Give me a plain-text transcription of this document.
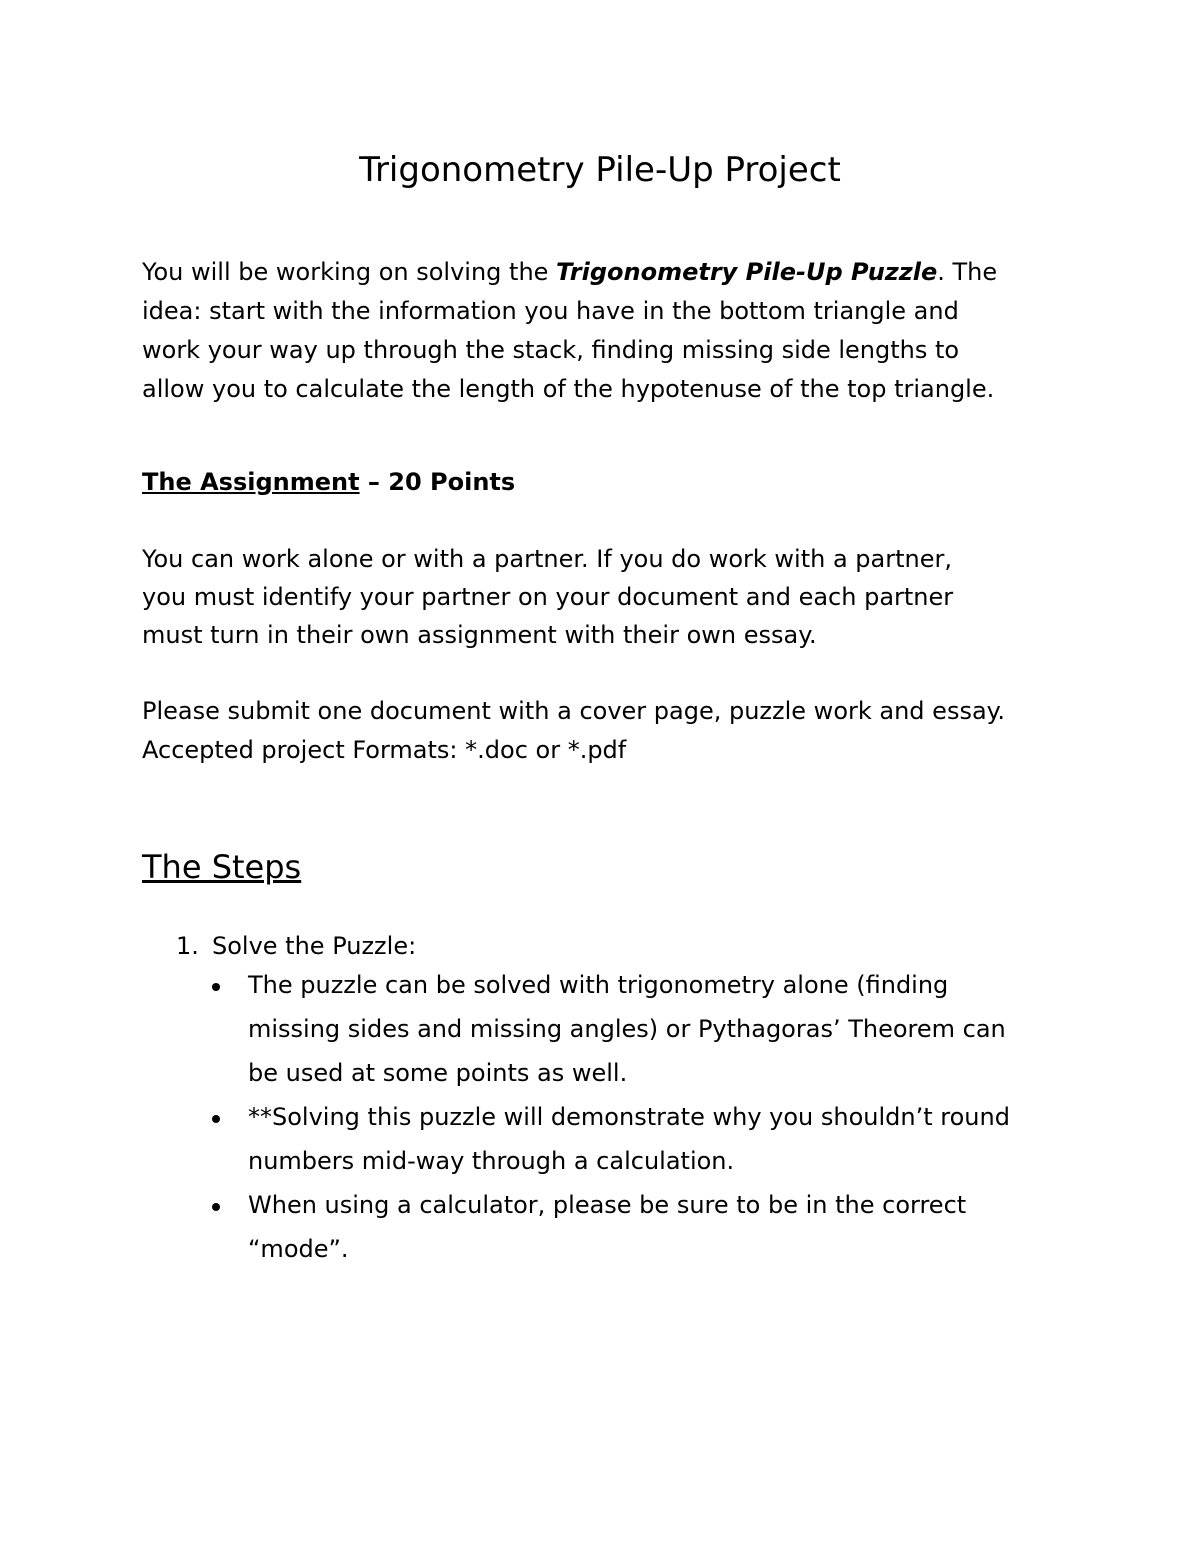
Trigonometry Pile-Up Project
You will be working on solving the Trigonometry Pile-Up Puzzle. The
idea: start with the information you have in the bottom triangle and
work your way up through the stack, finding missing side lengths to
allow you to calculate the length of the hypotenuse of the top triangle.
The Assignment – 20 Points
You can work alone or with a partner. If you do work with a partner,
you must identify your partner on your document and each partner
must turn in their own assignment with their own essay.
Please submit one document with a cover page, puzzle work and essay.
Accepted project Formats: *.doc or *.pdf
The Steps
1. Solve the Puzzle:
The puzzle can be solved with trigonometry alone (finding
missing sides and missing angles) or Pythagoras’ Theorem can
be used at some points as well.
**Solving this puzzle will demonstrate why you shouldn’t round
numbers mid-way through a calculation.
When using a calculator, please be sure to be in the correct
“mode”.
